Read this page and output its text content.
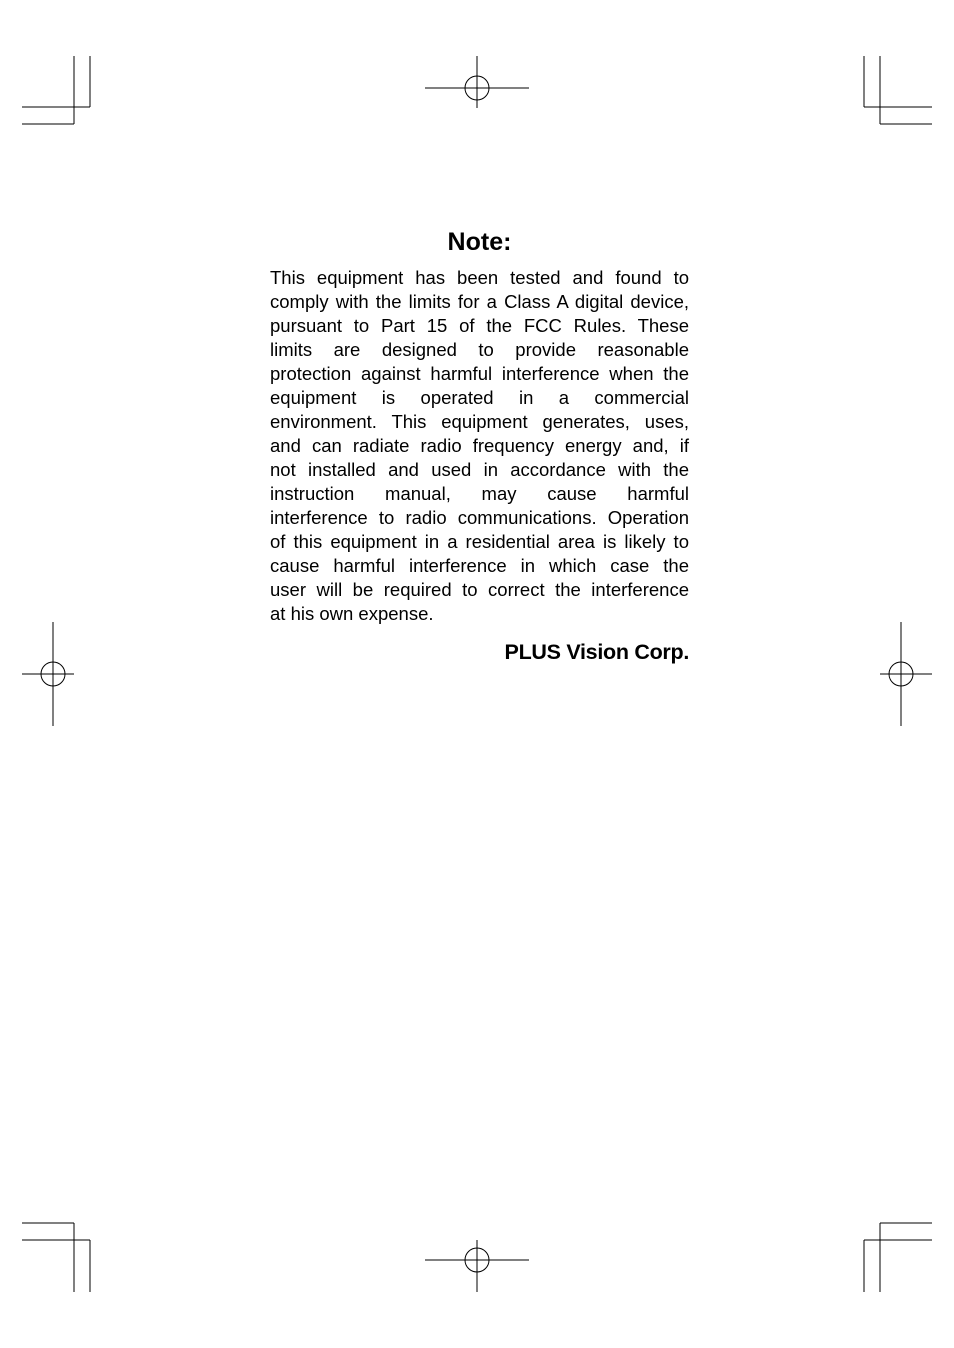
Note:

This equipment has been tested and found to
comply with the limits for a Class A digital device,
pursuant to Part 15 of the FCC Rules. These
limits are designed to provide reasonable
protection against harmful interference when the
equipment is operated in a commercial
environment. This equipment generates, uses,
and can radiate radio frequency energy and, if
not installed and used in accordance with the
instruction manual, may cause harmful
interference to radio communications. Operation
of this equipment in a residential area is likely to
cause harmful interference in which case the
user will be required to correct the interference
at his own expense.

PLUS Vision Corp.
